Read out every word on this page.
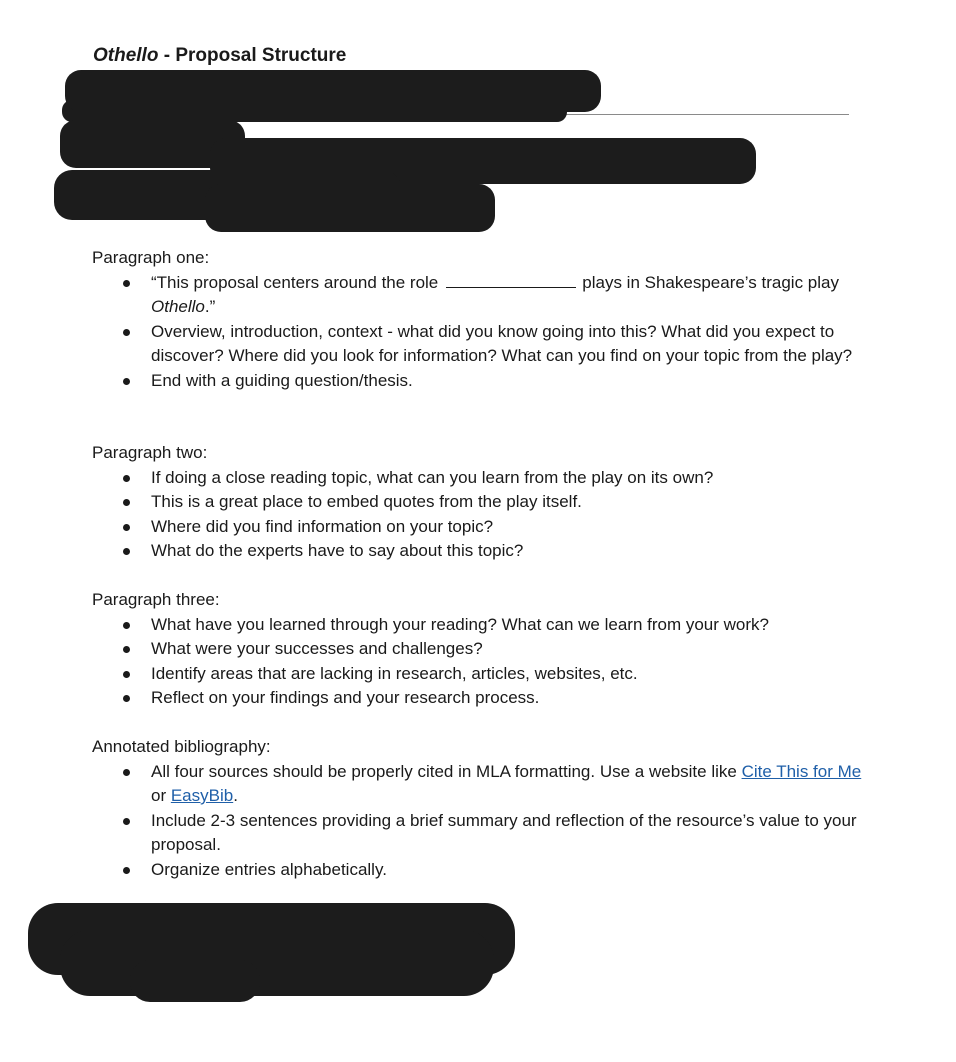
Othello - Proposal Structure

Paragraph one:

“This proposal centers around the role	plays in Shakespeare’s tragic play Othello.”
Overview, introduction, context - what did you know going into this? What did you expect to discover? Where did you look for information? What can you find on your topic from the play?
End with a guiding question/thesis.

Paragraph two:

If doing a close reading topic, what can you learn from the play on its own?
This is a great place to embed quotes from the play itself.
Where did you find information on your topic?
What do the experts have to say about this topic?

Paragraph three:

What have you learned through your reading? What can we learn from your work?
What were your successes and challenges?
Identify areas that are lacking in research, articles, websites, etc.
Reflect on your findings and your research process.

Annotated bibliography:

All four sources should be properly cited in MLA formatting. Use a website like Cite This for Me or EasyBib.
Include 2-3 sentences providing a brief summary and reflection of the resource’s value to your proposal.
Organize entries alphabetically.
